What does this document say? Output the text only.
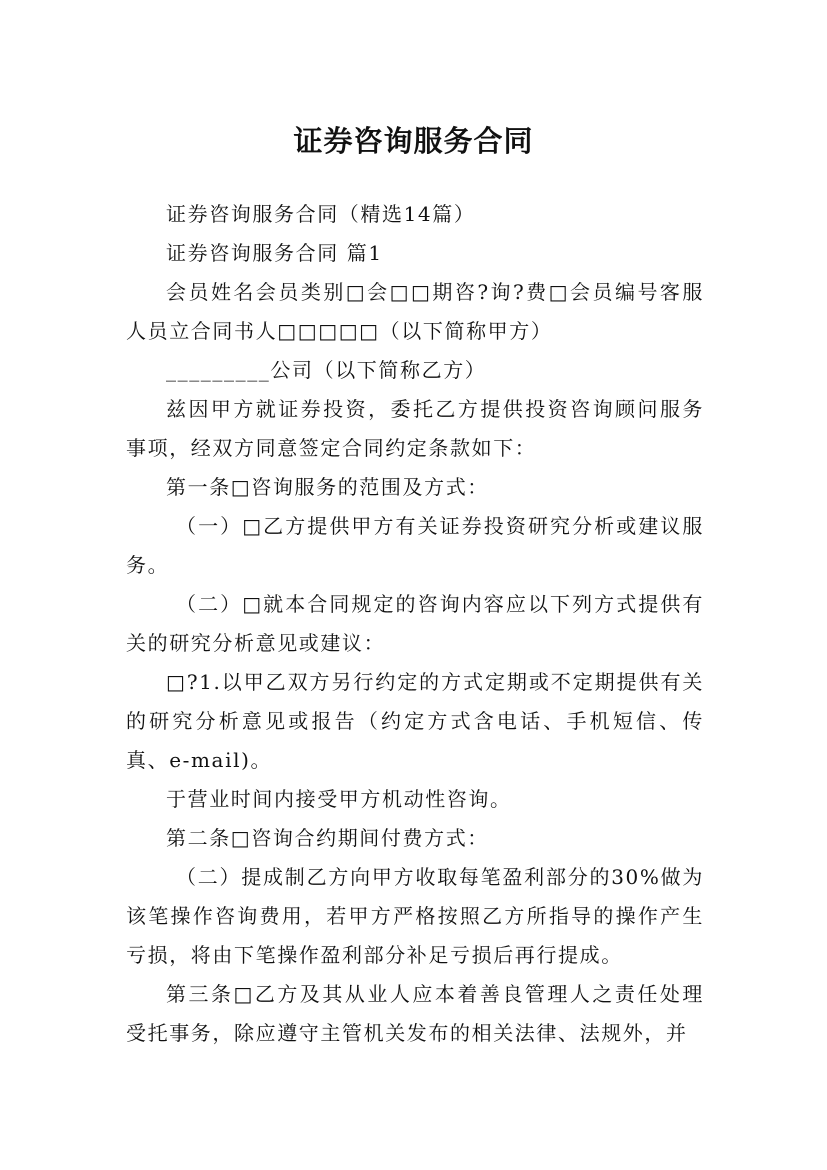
证券咨询服务合同

证券咨询服务合同（精选14篇）

证券咨询服务合同 篇1

会员姓名会员类别□会□□期咨?询?费□会员编号客服人员立合同书人□□□□□（以下简称甲方）

_________公司（以下简称乙方）

兹因甲方就证券投资，委托乙方提供投资咨询顾问服务事项，经双方同意签定合同约定条款如下：

第一条□咨询服务的范围及方式：

（一）□乙方提供甲方有关证券投资研究分析或建议服务。

（二）□就本合同规定的咨询内容应以下列方式提供有关的研究分析意见或建议：

□?1.以甲乙双方另行约定的方式定期或不定期提供有关的研究分析意见或报告（约定方式含电话、手机短信、传真、e-mail)。

于营业时间内接受甲方机动性咨询。

第二条□咨询合约期间付费方式：

（二）提成制乙方向甲方收取每笔盈利部分的30%做为该笔操作咨询费用，若甲方严格按照乙方所指导的操作产生亏损，将由下笔操作盈利部分补足亏损后再行提成。

第三条□乙方及其从业人应本着善良管理人之责任处理受托事务，除应遵守主管机关发布的相关法律、法规外，并
